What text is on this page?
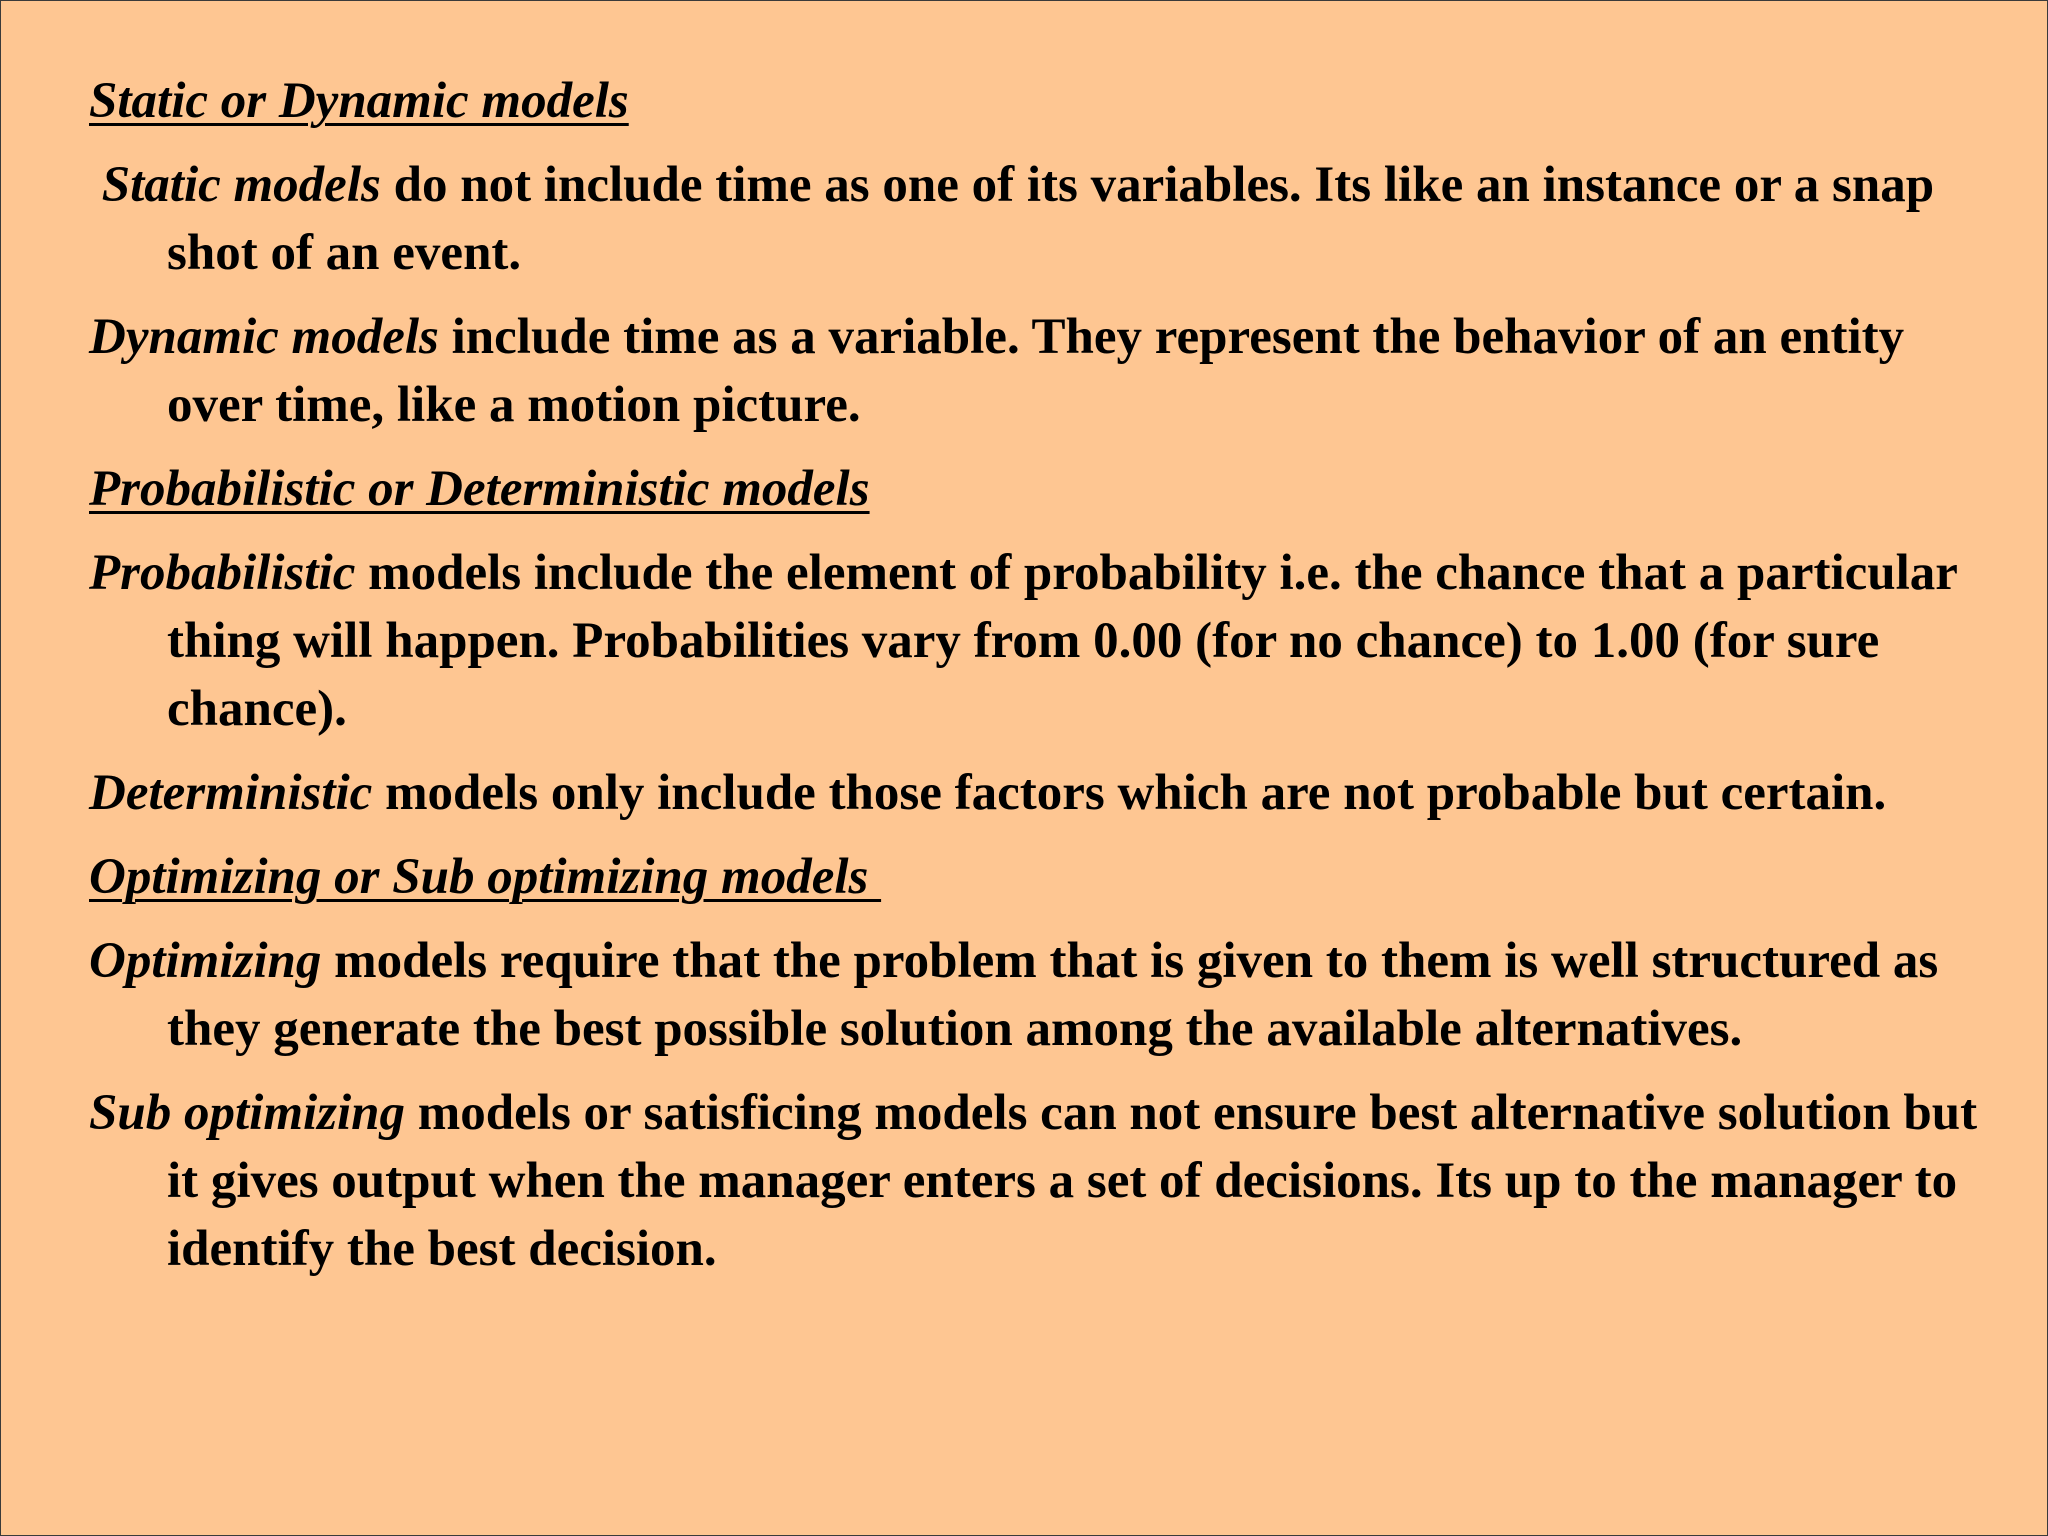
Static or Dynamic models

Static models do not include time as one of its variables. Its like an instance or a snap shot of an event.

Dynamic models include time as a variable. They represent the behavior of an entity over time, like a motion picture.

Probabilistic or Deterministic models

Probabilistic models include the element of probability i.e. the chance that a particular thing will happen. Probabilities vary from 0.00 (for no chance) to 1.00 (for sure chance).

Deterministic models only include those factors which are not probable but certain.

Optimizing or Sub optimizing models

Optimizing models require that the problem that is given to them is well structured as they generate the best possible solution among the available alternatives.

Sub optimizing models or satisficing models can not ensure best alternative solution but it gives output when the manager enters a set of decisions. Its up to the manager to identify the best decision.
